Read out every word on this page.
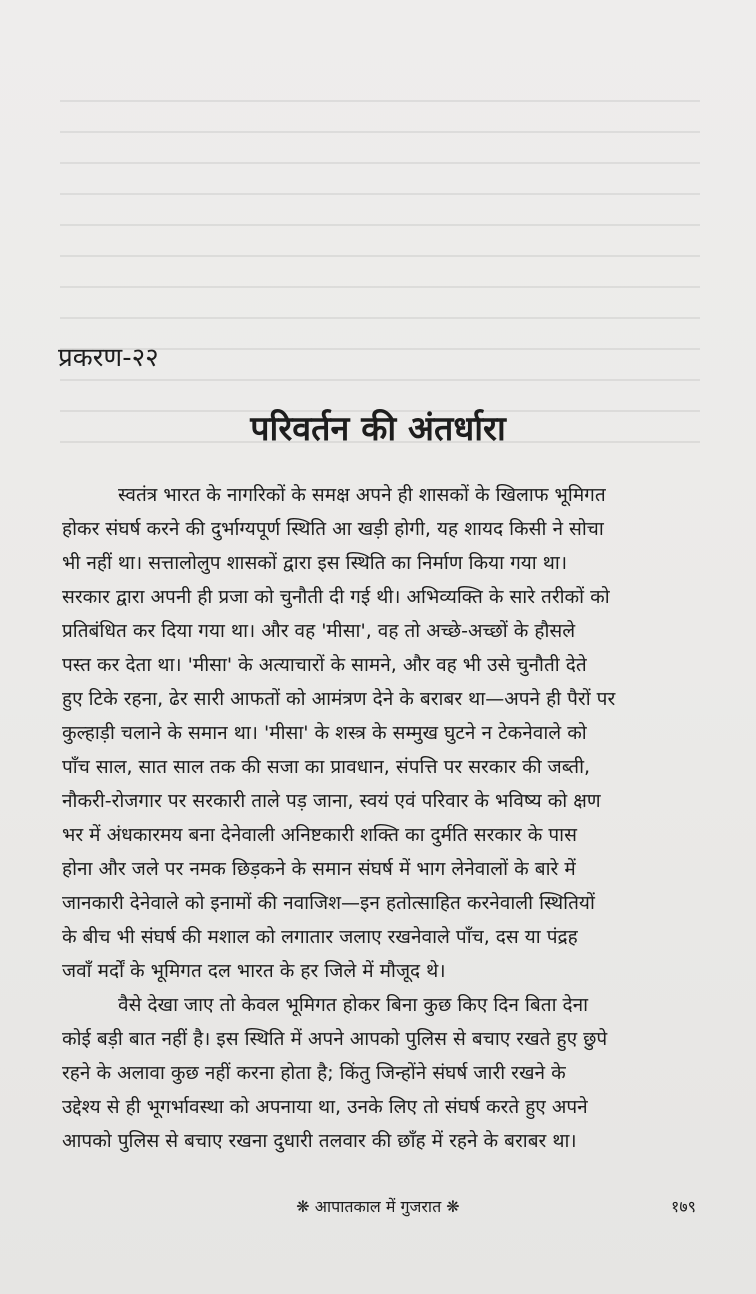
प्रकरण-२२
परिवर्तन की अंतर्धारा
स्वतंत्र भारत के नागरिकों के समक्ष अपने ही शासकों के खिलाफ भूमिगत
होकर संघर्ष करने की दुर्भाग्यपूर्ण स्थिति आ खड़ी होगी, यह शायद किसी ने सोचा
भी नहीं था। सत्तालोलुप शासकों द्वारा इस स्थिति का निर्माण किया गया था।
सरकार द्वारा अपनी ही प्रजा को चुनौती दी गई थी। अभिव्यक्ति के सारे तरीकों को
प्रतिबंधित कर दिया गया था। और वह 'मीसा', वह तो अच्छे-अच्छों के हौसले
पस्त कर देता था। 'मीसा' के अत्याचारों के सामने, और वह भी उसे चुनौती देते
हुए टिके रहना, ढेर सारी आफतों को आमंत्रण देने के बराबर था—अपने ही पैरों पर
कुल्हाड़ी चलाने के समान था। 'मीसा' के शस्त्र के सम्मुख घुटने न टेकनेवाले को
पाँच साल, सात साल तक की सजा का प्रावधान, संपत्ति पर सरकार की जब्ती,
नौकरी-रोजगार पर सरकारी ताले पड़ जाना, स्वयं एवं परिवार के भविष्य को क्षण
भर में अंधकारमय बना देनेवाली अनिष्टकारी शक्ति का दुर्मति सरकार के पास
होना और जले पर नमक छिड़कने के समान संघर्ष में भाग लेनेवालों के बारे में
जानकारी देनेवाले को इनामों की नवाजिश—इन हतोत्साहित करनेवाली स्थितियों
के बीच भी संघर्ष की मशाल को लगातार जलाए रखनेवाले पाँच, दस या पंद्रह
जवाँ मर्दों के भूमिगत दल भारत के हर जिले में मौजूद थे।
वैसे देखा जाए तो केवल भूमिगत होकर बिना कुछ किए दिन बिता देना
कोई बड़ी बात नहीं है। इस स्थिति में अपने आपको पुलिस से बचाए रखते हुए छुपे
रहने के अलावा कुछ नहीं करना होता है; किंतु जिन्होंने संघर्ष जारी रखने के
उद्देश्य से ही भूगर्भावस्था को अपनाया था, उनके लिए तो संघर्ष करते हुए अपने
आपको पुलिस से बचाए रखना दुधारी तलवार की छाँह में रहने के बराबर था।
❋ आपातकाल में गुजरात ❋	१७९
